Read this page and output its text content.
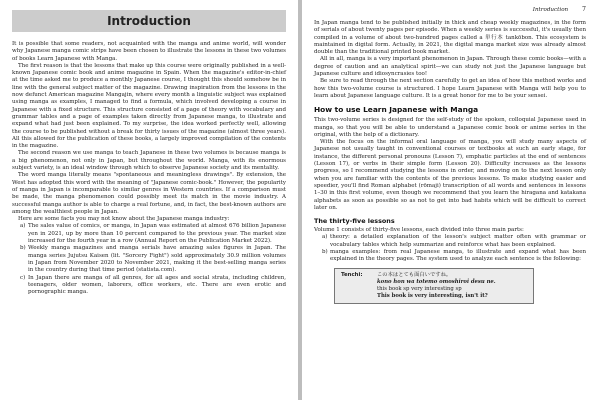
Introduction

It is possible that some readers, not acquainted with the manga and anime world, will wonder why Japanese manga comic strips have been chosen to illustrate the lessons in these two volumes of books Learn Japanese with Manga.

The first reason is that the lessons that make up this course were originally published in a well-known Japanese comic book and anime magazine in Spain. When the magazine's editor-in-chief at the time asked me to produce a monthly Japanese course, I thought this should somehow be in line with the general subject matter of the magazine. Drawing inspiration from the lessons in the now defunct American magazine Mangajin, where every month a linguistic subject was explained using manga as examples, I managed to find a formula, which involved developing a course in Japanese with a fixed structure. This structure consisted of a page of theory with vocabulary and grammar tables and a page of examples taken directly from Japanese manga, to illustrate and expand what had just been explained. To my surprise, the idea worked perfectly well, allowing the course to be published without a break for thirty issues of the magazine (almost three years). All this allowed for the publication of these books, a largely improved compilation of the contents in the magazine.

The second reason we use manga to teach Japanese in these two volumes is because manga is a big phenomenon, not only in Japan, but throughout the world. Manga, with its enormous subject variety, is an ideal window through which to observe Japanese society and its mentality.

The word manga literally means "spontaneous and meaningless drawings". By extension, the West has adopted this word with the meaning of "Japanese comic-book." However, the popularity of manga in Japan is incomparable to similar genres in Western countries. If a comparison must be made, the manga phenomenon could possibly meet its match in the movie industry. A successful manga author is able to charge a real fortune, and, in fact, the best-known authors are among the wealthiest people in Japan.

Here are some facts you may not know about the Japanese manga industry:

a) The sales value of comics, or manga, in Japan was estimated at almost 676 billion Japanese yen in 2021, up by more than 10 percent compared to the previous year. The market size increased for the fourth year in a row (Annual Report on the Publication Market 2022).
b) Weekly manga magazines and manga serials have amazing sales figures in Japan. The manga series Jujutsu Kaisen (lit. "Sorcery Fight") sold approximately 30.9 million volumes in Japan from November 2020 to November 2021, making it the best-selling manga series in the country during that time period (statista.com).
c) In Japan there are manga of all genres, for all ages and social strata, including children, teenagers, older women, laborers, office workers, etc. There are even erotic and pornographic manga.
Introduction 7

In Japan manga tend to be published initially in thick and cheap weekly magazines, in the form of serials of about twenty pages per episode. When a weekly series is successful, it's usually then compiled in a volume of about two-hundred pages called a 単行本 tankōbon. This ecosystem is maintained in digital form. Actually, in 2021, the digital manga market size was already almost double than the traditional printed book market.

All in all, manga is a very important phenomenon in Japan. Through these comic books—with a degree of caution and an analytical spirit—we can study not just the Japanese language but Japanese culture and idiosyncrasies too!

Be sure to read through the next section carefully to get an idea of how this method works and how this two-volume course is structured. I hope Learn Japanese with Manga will help you to learn about Japanese language culture. It is a great honor for me to be your sensei.

How to use Learn Japanese with Manga

This two-volume series is designed for the self-study of the spoken, colloquial Japanese used in manga, so that you will be able to understand a Japanese comic book or anime series in the original, with the help of a dictionary.

With the focus on the informal oral language of manga, you will study many aspects of Japanese not usually taught in conventional courses or textbooks at such an early stage, for instance, the different personal pronouns (Lesson 7), emphatic particles at the end of sentences (Lesson 17), or verbs in their simple form (Lesson 20). Difficulty increases as the lessons progress, so I recommend studying the lessons in order, and moving on to the next lesson only when you are familiar with the contents of the previous lessons. To make studying easier and speedier, you'll find Roman alphabet (rōmaji) transcription of all words and sentences in lessons 1–30 in this first volume, even though we recommend that you learn the hiragana and katakana alphabets as soon as possible so as not to get into bad habits which will be difficult to correct later on.

The thirty-five lessons

Volume 1 consists of thirty-five lessons, each divided into three main parts:

a) theory: a detailed explanation of the lesson's subject matter often with grammar or vocabulary tables which help summarize and reinforce what has been explained.
b) manga examples: from real Japanese manga, to illustrate and expand what has been explained in the theory pages. The system used to analyze each sentence is the following:
Tenchi:	この本はとても面白いですね。
kono hon wa totemo omoshiroi desu ne.
this book sp very interesting sp
This book is very interesting, isn't it?
